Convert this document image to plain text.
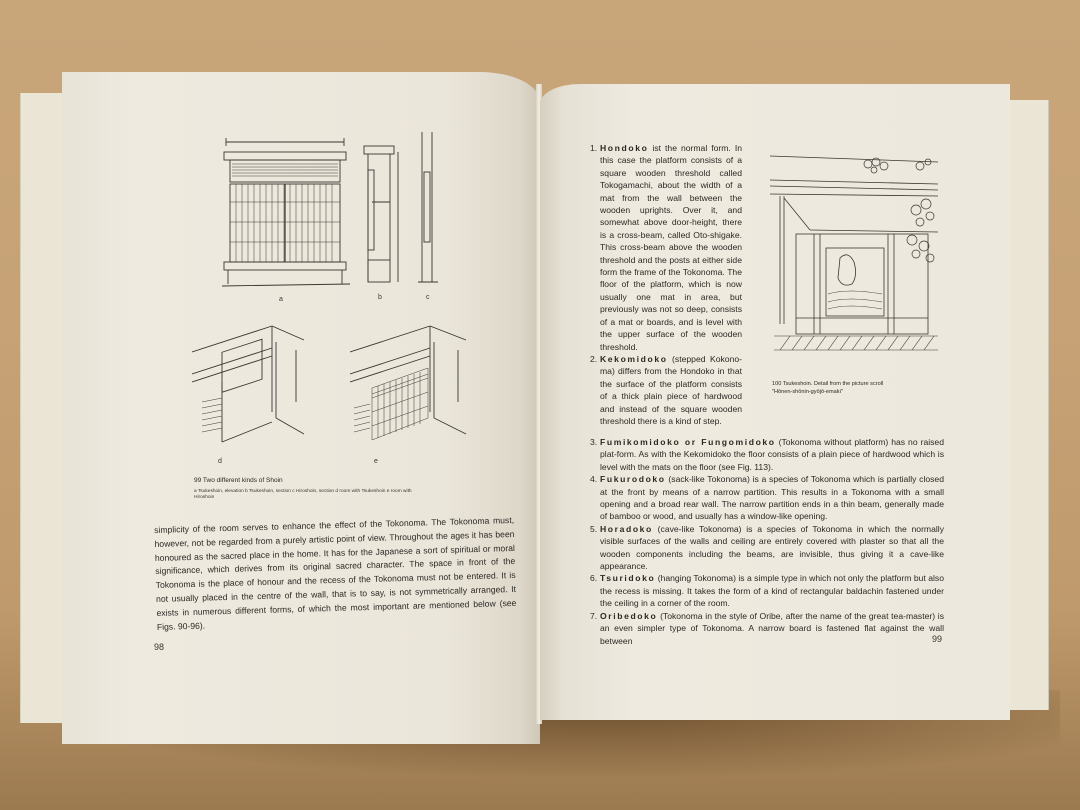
a	b	c
d	e
99 Two different kinds of Shoin
a Tsukeshoin, elevation b Tsukeshoin, section c Hiroshoin, section d room with Tsukeshoin e room with Hiroshoin
simplicity of the room serves to enhance the effect of the Tokonoma. The Tokonoma must, however, not be regarded from a purely artistic point of view. Throughout the ages it has been honoured as the sacred place in the home. It has for the Japanese a sort of spiritual or moral significance, which derives from its original sacred character. The space in front of the Tokonoma is the place of honour and the recess of the Tokonoma must not be entered. It is not usually placed in the centre of the wall, that is to say, is not symmetrically arranged. It exists in numerous different forms, of which the most important are mentioned below (see Figs. 90-96).
98
1. Hondoko ist the normal form. In this case the platform consists of a square wooden threshold called Tokogamachi, about the width of a mat from the wall between the wooden uprights. Over it, and somewhat above door-height, there is a cross-beam, called Oto-shigake. This cross-beam above the wooden threshold and the posts at either side form the frame of the Tokonoma. The floor of the platform, which is now usually one mat in area, but previously was not so deep, consists of a mat or boards, and is level with the upper surface of the wooden threshold.
2. Kekomidoko (stepped Kokono-ma) differs from the Hondoko in that the surface of the platform consists of a thick plain piece of hardwood and instead of the square wooden threshold there is a kind of step.
100 Tsukeshoin. Detail from the picture scroll
"Hōnen-shōnin-gyōjō-emaki"
3. Fumikomidoko or Fungomidoko (Tokonoma without platform) has no raised plat-form. As with the Kekomidoko the floor consists of a plain piece of hardwood which is level with the mats on the floor (see Fig. 113).
4. Fukurodoko (sack-like Tokonoma) is a species of Tokonoma which is partially closed at the front by means of a narrow partition. This results in a Tokonoma with a small opening and a broad rear wall. The narrow partition ends in a thin beam, generally made of bamboo or wood, and usually has a window-like opening.
5. Horadoko (cave-like Tokonoma) is a species of Tokonoma in which the normally visible surfaces of the walls and ceiling are entirely covered with plaster so that all the wooden components including the beams, are invisible, thus giving it a cave-like appearance.
6. Tsuridoko (hanging Tokonoma) is a simple type in which not only the platform but also the recess is missing. It takes the form of a kind of rectangular baldachin fastened under the ceiling in a corner of the room.
7. Oribedoko (Tokonoma in the style of Oribe, after the name of the great tea-master) is an even simpler type of Tokonoma. A narrow board is fastened flat against the wall between	99
